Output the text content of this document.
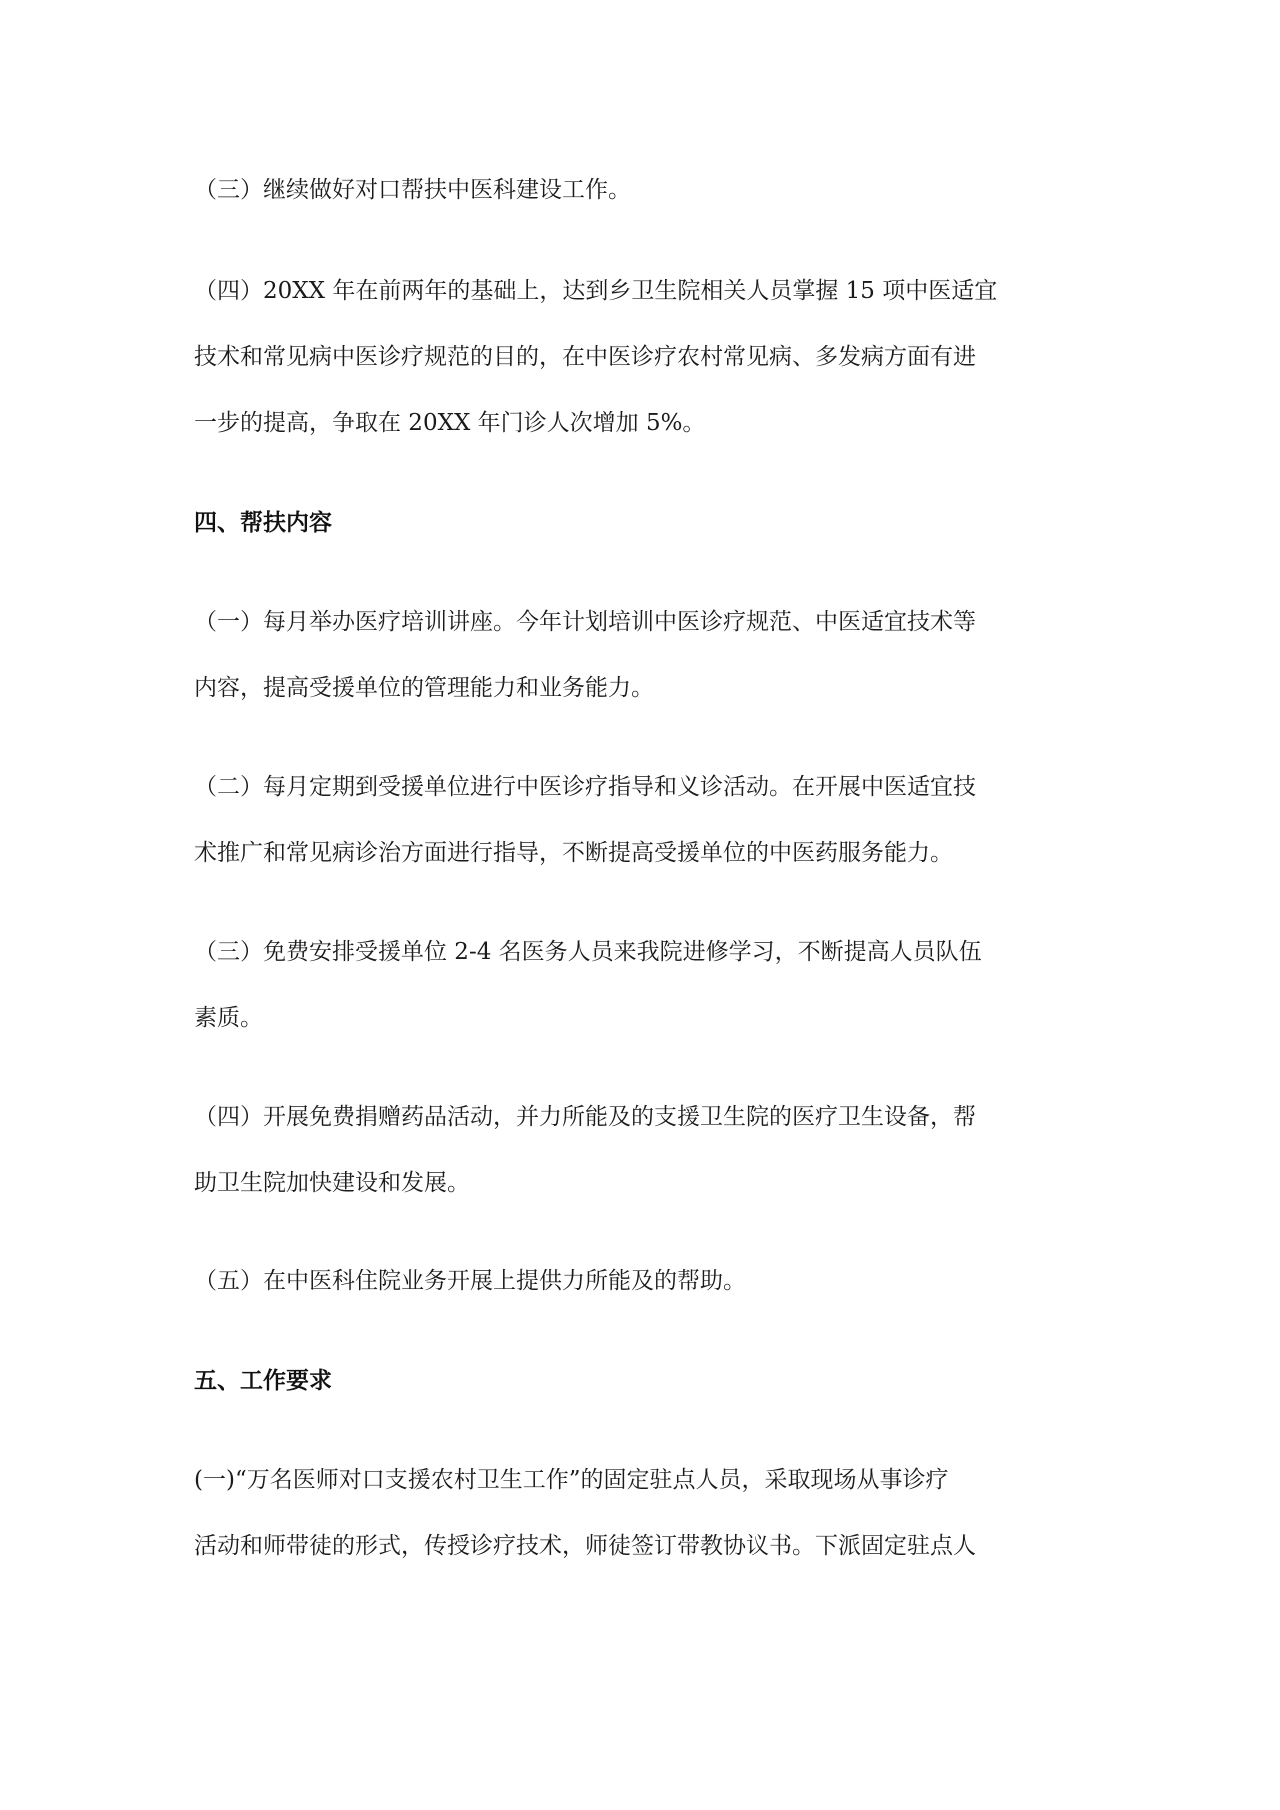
（三）继续做好对口帮扶中医科建设工作。
（四）20XX 年在前两年的基础上，达到乡卫生院相关人员掌握 15 项中医适宜
技术和常见病中医诊疗规范的目的，在中医诊疗农村常见病、多发病方面有进
一步的提高，争取在 20XX 年门诊人次增加 5%。
四、帮扶内容
（一）每月举办医疗培训讲座。今年计划培训中医诊疗规范、中医适宜技术等
内容，提高受援单位的管理能力和业务能力。
（二）每月定期到受援单位进行中医诊疗指导和义诊活动。在开展中医适宜技
术推广和常见病诊治方面进行指导，不断提高受援单位的中医药服务能力。
（三）免费安排受援单位 2-4 名医务人员来我院进修学习，不断提高人员队伍
素质。
（四）开展免费捐赠药品活动，并力所能及的支援卫生院的医疗卫生设备，帮
助卫生院加快建设和发展。
（五）在中医科住院业务开展上提供力所能及的帮助。
五、工作要求
(一)“万名医师对口支援农村卫生工作”的固定驻点人员，采取现场从事诊疗
活动和师带徒的形式，传授诊疗技术，师徒签订带教协议书。下派固定驻点人
